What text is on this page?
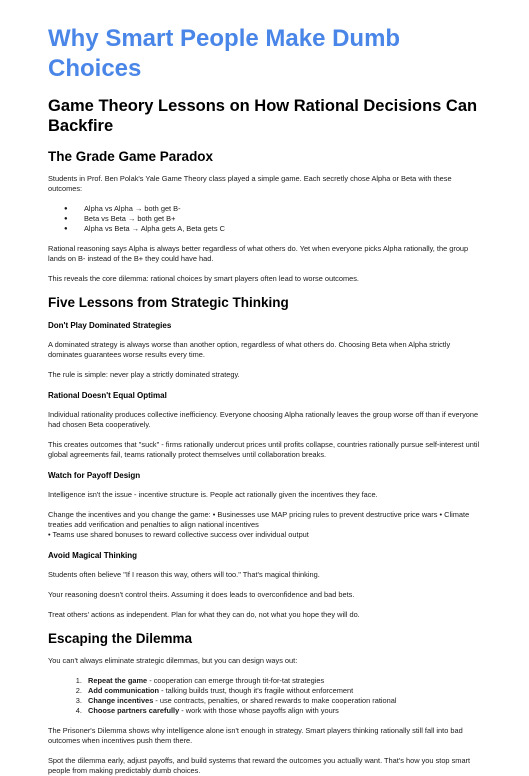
Why Smart People Make Dumb Choices
Game Theory Lessons on How Rational Decisions Can Backfire
The Grade Game Paradox

Students in Prof. Ben Polak's Yale Game Theory class played a simple game. Each secretly chose Alpha or Beta with these outcomes:

● Alpha vs Alpha → both get B-
● Beta vs Beta → both get B+
● Alpha vs Beta → Alpha gets A, Beta gets C

Rational reasoning says Alpha is always better regardless of what others do. Yet when everyone picks Alpha rationally, the group lands on B- instead of the B+ they could have had.

This reveals the core dilemma: rational choices by smart players often lead to worse outcomes.

Five Lessons from Strategic Thinking
Don't Play Dominated Strategies

A dominated strategy is always worse than another option, regardless of what others do. Choosing Beta when Alpha strictly dominates guarantees worse results every time.

The rule is simple: never play a strictly dominated strategy.

Rational Doesn't Equal Optimal

Individual rationality produces collective inefficiency. Everyone choosing Alpha rationally leaves the group worse off than if everyone had chosen Beta cooperatively.

This creates outcomes that "suck" - firms rationally undercut prices until profits collapse, countries rationally pursue self-interest until global agreements fail, teams rationally protect themselves until collaboration breaks.

Watch for Payoff Design

Intelligence isn't the issue - incentive structure is. People act rationally given the incentives they face.

Change the incentives and you change the game: • Businesses use MAP pricing rules to prevent destructive price wars • Climate treaties add verification and penalties to align national incentives

• Teams use shared bonuses to reward collective success over individual output

Avoid Magical Thinking

Students often believe "If I reason this way, others will too." That's magical thinking.

Your reasoning doesn't control theirs. Assuming it does leads to overconfidence and bad bets.

Treat others' actions as independent. Plan for what they can do, not what you hope they will do.

Escaping the Dilemma

You can't always eliminate strategic dilemmas, but you can design ways out:

1. Repeat the game - cooperation can emerge through tit-for-tat strategies
2. Add communication - talking builds trust, though it's fragile without enforcement
3. Change incentives - use contracts, penalties, or shared rewards to make cooperation rational
4. Choose partners carefully - work with those whose payoffs align with yours

The Prisoner's Dilemma shows why intelligence alone isn't enough in strategy. Smart players thinking rationally still fall into bad outcomes when incentives push them there.

Spot the dilemma early, adjust payoffs, and build systems that reward the outcomes you actually want. That's how you stop smart people from making predictably dumb choices.
